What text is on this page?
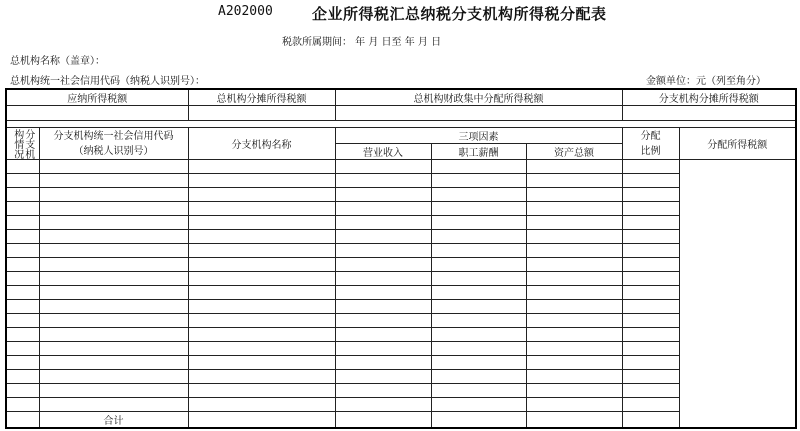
A202000	企业所得税汇总纳税分支机构所得税分配表
税款所属期间： 年 月 日至 年 月 日
总机构名称（盖章）：
总机构统一社会信用代码（纳税人识别号）：	金额单位：元（列至角分）
应纳所得税额		总机构分摊所得税额	总机构财政集中分配所得税额			分支机构分摊所得税额	

分支机构情况	分支机构统一社会信用代码（纳税人识别号）	分支机构名称	三项因素			分配比例	分配所得税额
			营业收入	职工薪酬	资产总额		

	合计						
